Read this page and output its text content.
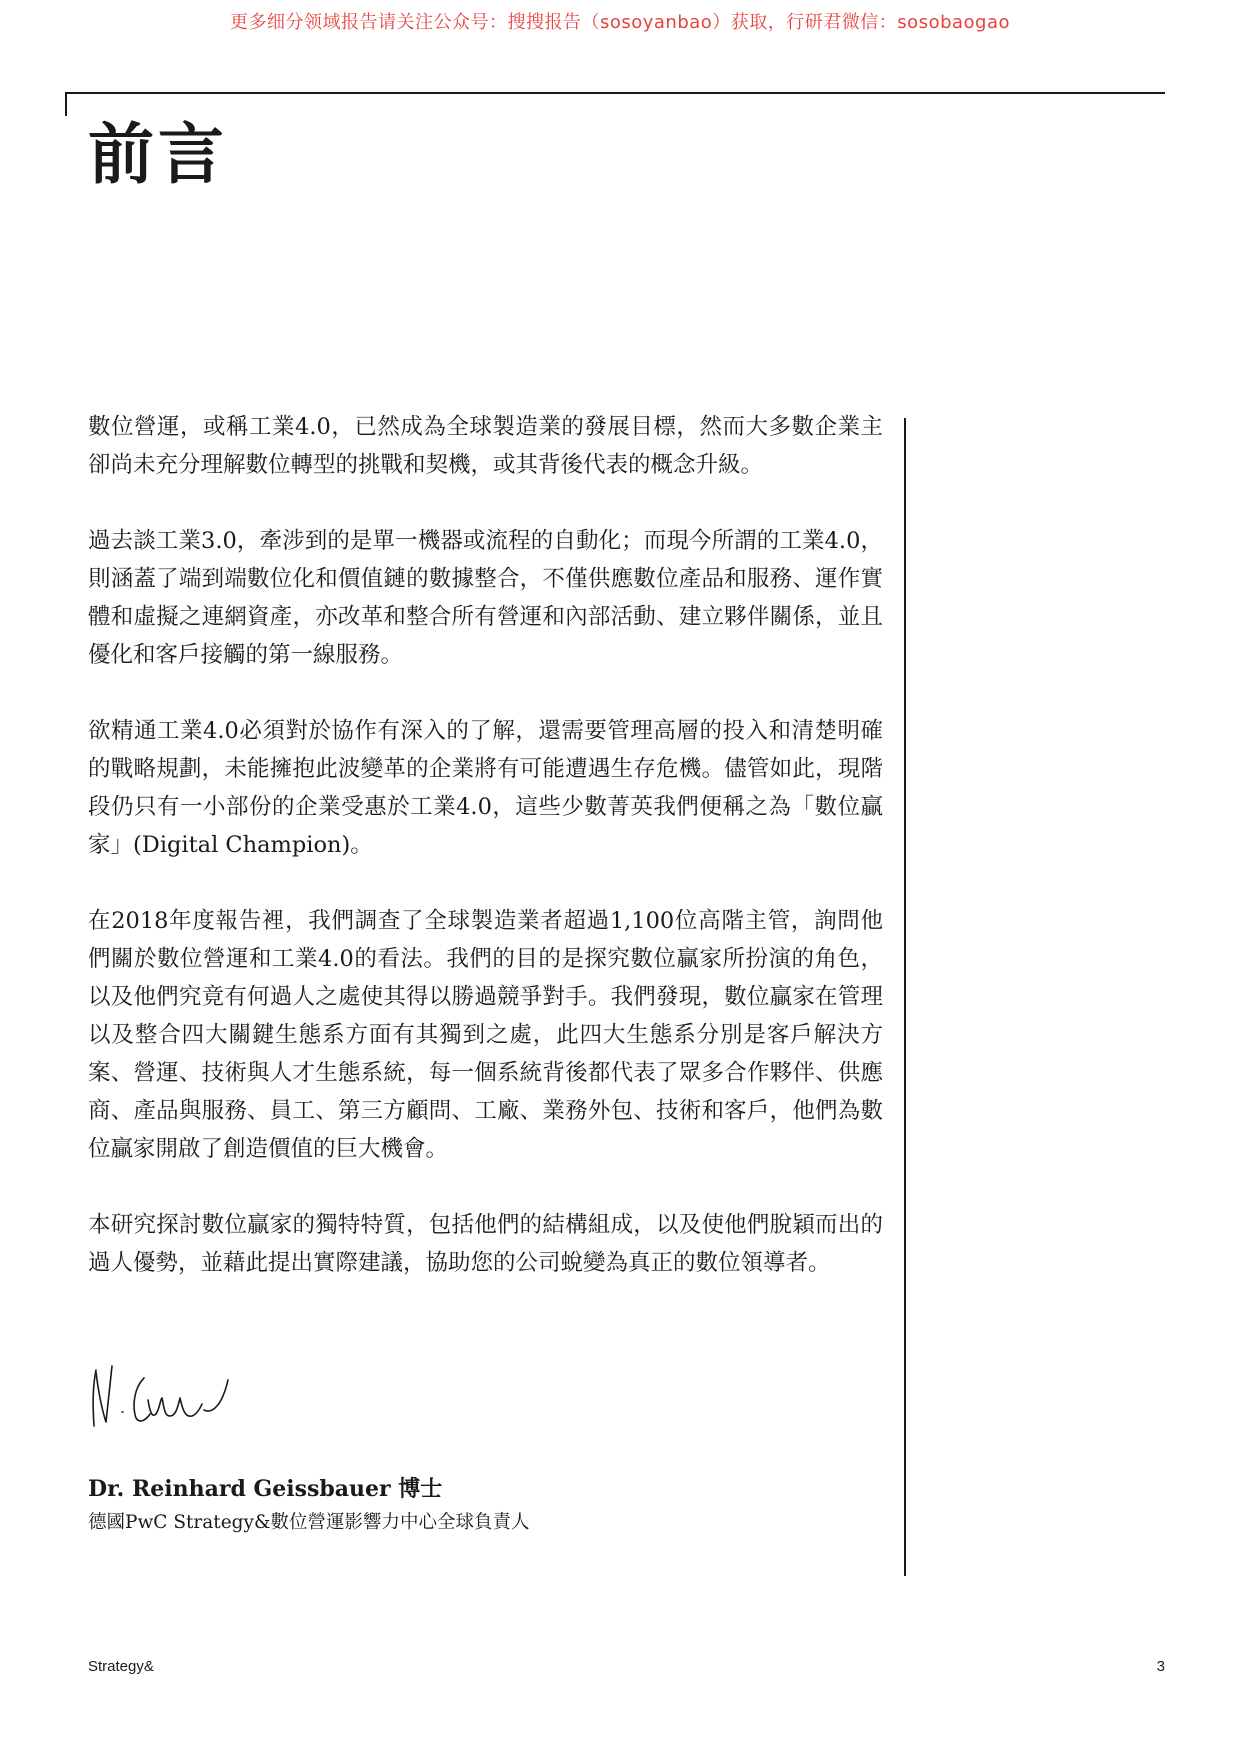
更多细分领域报告请关注公众号：搜搜报告（sosoyanbao）获取，行研君微信：sosobaogao
前言

數位營運，或稱工業4.0，已然成為全球製造業的發展目標，然而大多數企業主卻尚未充分理解數位轉型的挑戰和契機，或其背後代表的概念升級。

過去談工業3.0，牽涉到的是單一機器或流程的自動化；而現今所謂的工業4.0，則涵蓋了端到端數位化和價值鏈的數據整合，不僅供應數位產品和服務、運作實體和虛擬之連網資產，亦改革和整合所有營運和內部活動、建立夥伴關係，並且優化和客戶接觸的第一線服務。

欲精通工業4.0必須對於協作有深入的了解，還需要管理高層的投入和清楚明確的戰略規劃，未能擁抱此波變革的企業將有可能遭遇生存危機。儘管如此，現階段仍只有一小部份的企業受惠於工業4.0，這些少數菁英我們便稱之為「數位贏家」(Digital Champion)。

在2018年度報告裡，我們調查了全球製造業者超過1,100位高階主管，詢問他們關於數位營運和工業4.0的看法。我們的目的是探究數位贏家所扮演的角色，以及他們究竟有何過人之處使其得以勝過競爭對手。我們發現，數位贏家在管理以及整合四大關鍵生態系方面有其獨到之處，此四大生態系分別是客戶解決方案、營運、技術與人才生態系統，每一個系統背後都代表了眾多合作夥伴、供應商、產品與服務、員工、第三方顧問、工廠、業務外包、技術和客戶，他們為數位贏家開啟了創造價值的巨大機會。

本研究探討數位贏家的獨特特質，包括他們的結構組成，以及使他們脫穎而出的過人優勢，並藉此提出實際建議，協助您的公司蛻變為真正的數位領導者。

Dr. Reinhard Geissbauer 博士
德國PwC Strategy&數位營運影響力中心全球負責人
Strategy&	3
